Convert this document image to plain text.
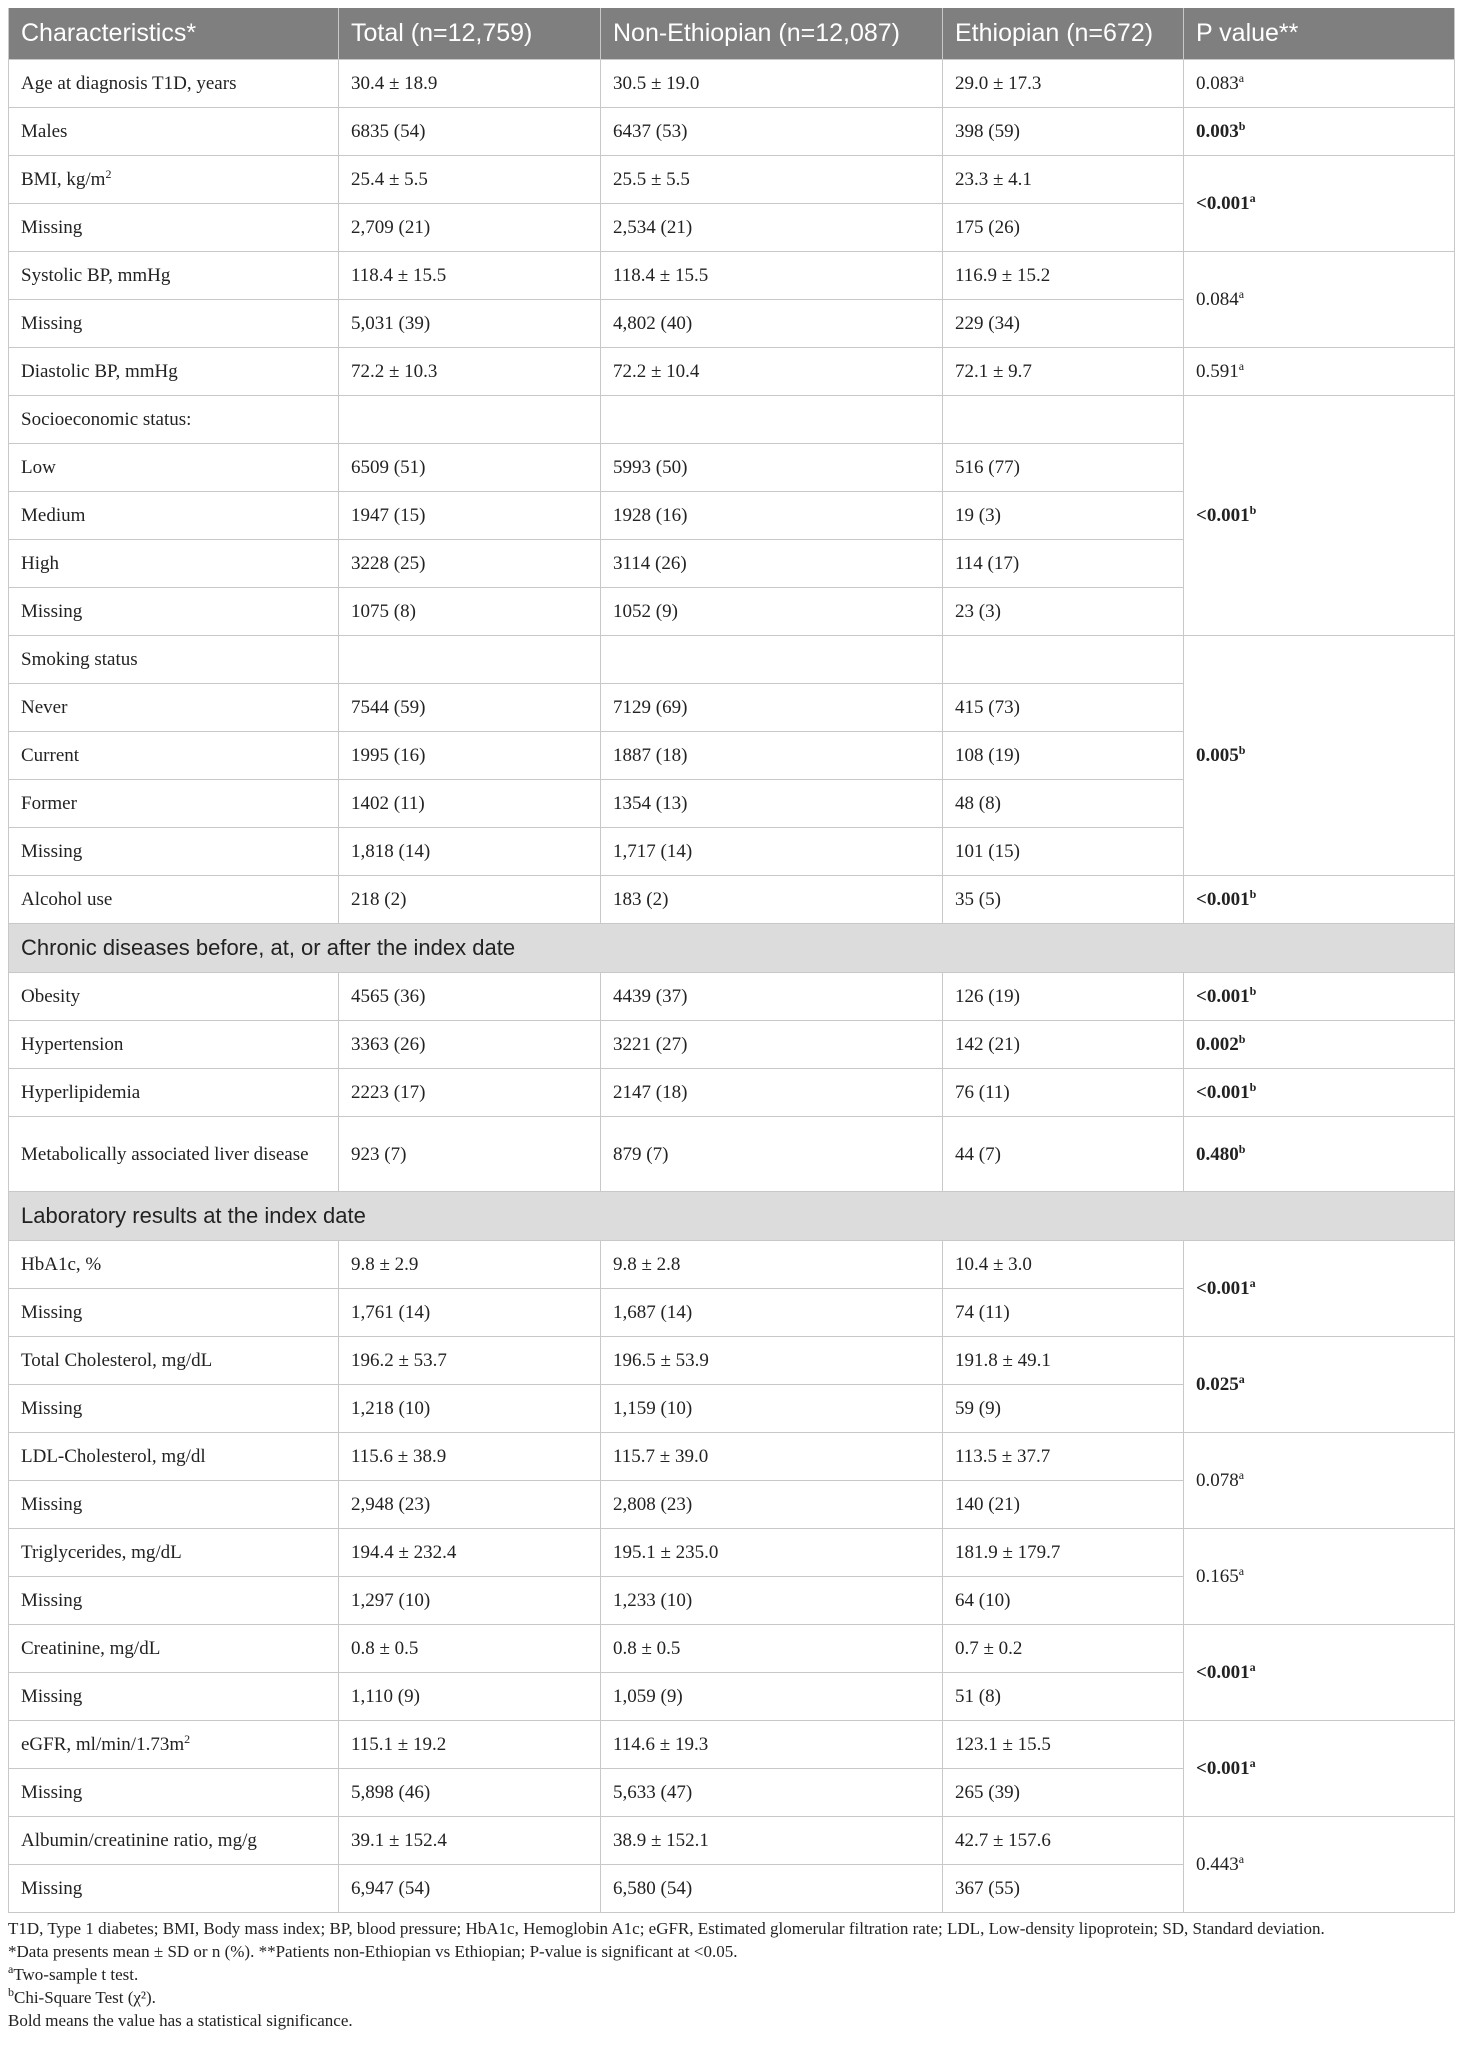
Characteristics*	Total (n=12,759)	Non-Ethiopian (n=12,087)	Ethiopian (n=672)	P value**
Age at diagnosis T1D, years	30.4 ± 18.9	30.5 ± 19.0	29.0 ± 17.3	0.083$^a$
Males	6835 (54)	6437 (53)	398 (59)	0.003$^b$
BMI, $kg/m^2$	25.4 ± 5.5	25.5 ± 5.5	23.3 ± 4.1	<0.001$^a$
Missing	2,709 (21)	2,534 (21)	175 (26)	
Systolic BP, mmHg	118.4 ± 15.5	118.4 ± 15.5	116.9 ± 15.2	0.084$^a$
Missing	5,031 (39)	4,802 (40)	229 (34)	
Diastolic BP, mmHg	72.2 ± 10.3	72.2 ± 10.4	72.1 ± 9.7	0.591$^a$
Socioeconomic status:				<0.001$^b$
Low	6509 (51)	5993 (50)	516 (77)	
Medium	1947 (15)	1928 (16)	19 (3)	
High	3228 (25)	3114 (26)	114 (17)	
Missing	1075 (8)	1052 (9)	23 (3)	
Smoking status				0.005$^b$
Never	7544 (59)	7129 (69)	415 (73)	
Current	1995 (16)	1887 (18)	108 (19)	
Former	1402 (11)	1354 (13)	48 (8)	
Missing	1,818 (14)	1,717 (14)	101 (15)	
Alcohol use	218 (2)	183 (2)	35 (5)	<0.001$^b$
Chronic diseases before, at, or after the index date				
Obesity	4565 (36)	4439 (37)	126 (19)	<0.001$^b$
Hypertension	3363 (26)	3221 (27)	142 (21)	0.002$^b$
Hyperlipidemia	2223 (17)	2147 (18)	76 (11)	<0.001$^b$
Metabolically associated liver disease	923 (7)	879 (7)	44 (7)	0.480$^b$
Laboratory results at the index date				
HbA1c, %	9.8 ± 2.9	9.8 ± 2.8	10.4 ± 3.0	<0.001$^a$
Missing	1,761 (14)	1,687 (14)	74 (11)	
Total Cholesterol, mg/dL	196.2 ± 53.7	196.5 ± 53.9	191.8 ± 49.1	0.025$^a$
Missing	1,218 (10)	1,159 (10)	59 (9)	
LDL-Cholesterol, mg/dl	115.6 ± 38.9	115.7 ± 39.0	113.5 ± 37.7	0.078$^a$
Missing	2,948 (23)	2,808 (23)	140 (21)	
Triglycerides, mg/dL	194.4 ± 232.4	195.1 ± 235.0	181.9 ± 179.7	0.165$^a$
Missing	1,297 (10)	1,233 (10)	64 (10)	
Creatinine, mg/dL	0.8 ± 0.5	0.8 ± 0.5	0.7 ± 0.2	<0.001$^a$
Missing	1,110 (9)	1,059 (9)	51 (8)	
eGFR, $ml/\min/1.73m^2$	115.1 ± 19.2	114.6 ± 19.3	123.1 ± 15.5	<0.001$^a$
Missing	5,898 (46)	5,633 (47)	265 (39)	
Albumin/creatinine ratio, mg/g	39.1 ± 152.4	38.9 ± 152.1	42.7 ± 157.6	0.443$^a$
Missing	6,947 (54)	6,580 (54)	367 (55)	
T1D, Type 1 diabetes; BMI, Body mass index; BP, blood pressure; HbA1c, Hemoglobin A1c; eGFR, Estimated glomerular filtration rate; LDL, Low-density lipoprotein; SD, Standard deviation.
*Data presents mean ± SD or n (%). **Patients non-Ethiopian vs Ethiopian; P-value is significant at <0.05.
$^a$Two-sample t test.
$^b$Chi-Square Test (χ²).
Bold means the value has a statistical significance.
